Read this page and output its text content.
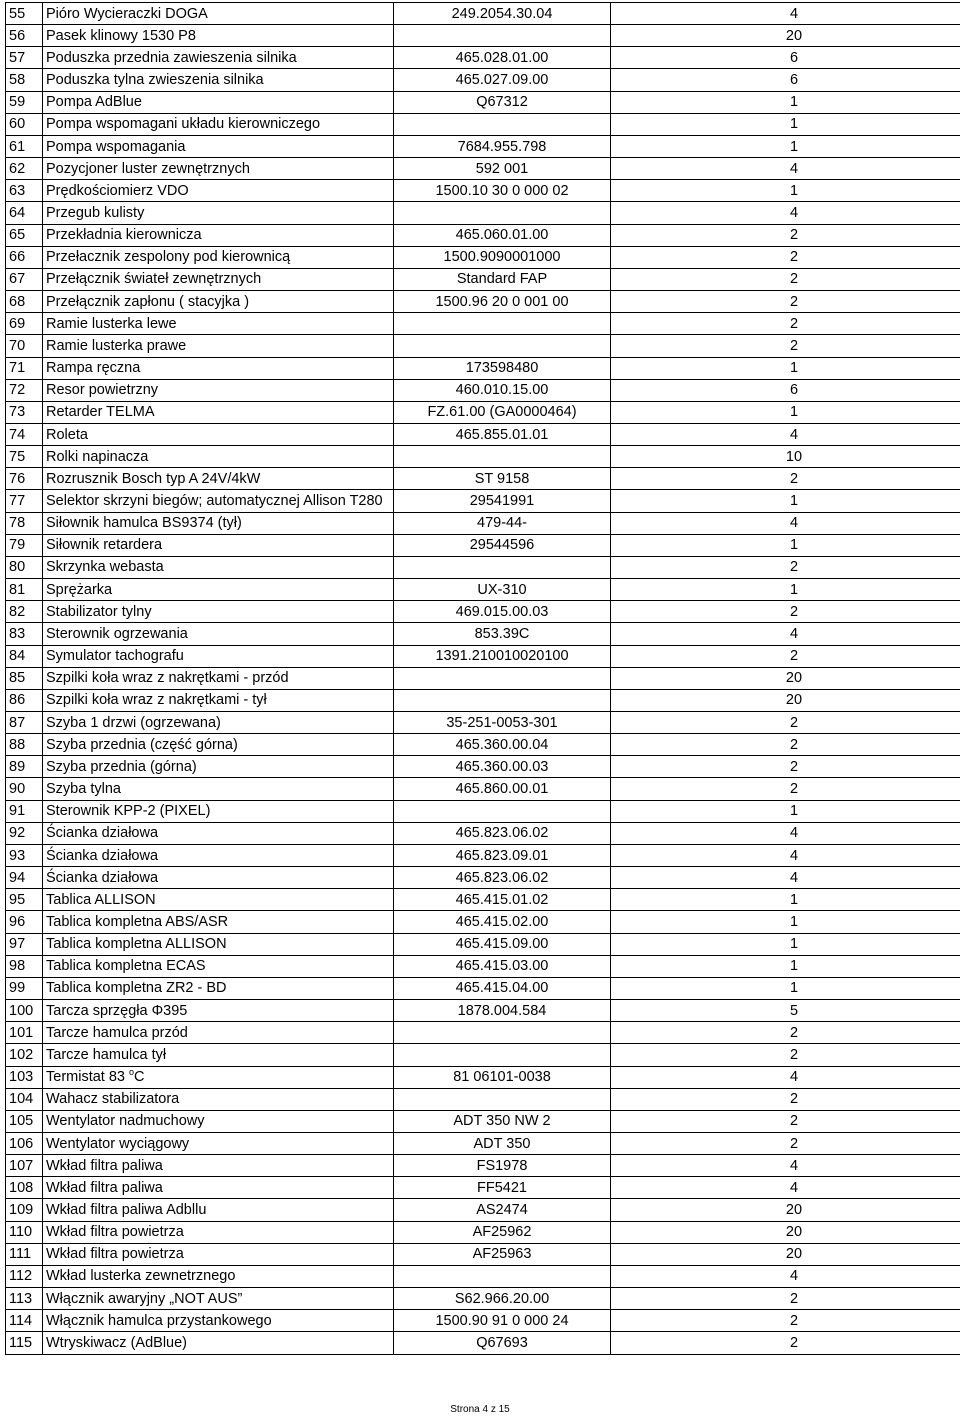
55	Pióro Wycieraczki DOGA	249.2054.30.04	4
56	Pasek klinowy 1530 P8		20
57	Poduszka przednia zawieszenia silnika	465.028.01.00	6
58	Poduszka tylna zwieszenia silnika	465.027.09.00	6
59	Pompa AdBlue	Q67312	1
60	Pompa wspomagani układu kierowniczego		1
61	Pompa wspomagania	7684.955.798	1
62	Pozycjoner luster zewnętrznych	592 001	4
63	Prędkościomierz VDO	1500.10 30 0 000 02	1
64	Przegub kulisty		4
65	Przekładnia kierownicza	465.060.01.00	2
66	Przełacznik zespolony pod kierownicą	1500.9090001000	2
67	Przełącznik świateł zewnętrznych	Standard FAP	2
68	Przełącznik zapłonu ( stacyjka )	1500.96 20 0 001 00	2
69	Ramie lusterka lewe		2
70	Ramie lusterka prawe		2
71	Rampa ręczna	173598480	1
72	Resor powietrzny	460.010.15.00	6
73	Retarder TELMA	FZ.61.00 (GA0000464)	1
74	Roleta	465.855.01.01	4
75	Rolki napinacza		10
76	Rozrusznik Bosch typ A 24V/4kW	ST 9158	2
77	Selektor skrzyni biegów; automatycznej Allison T280	29541991	1
78	Siłownik hamulca BS9374 (tył)	479-44-	4
79	Siłownik retardera	29544596	1
80	Skrzynka webasta		2
81	Sprężarka	UX-310	1
82	Stabilizator tylny	469.015.00.03	2
83	Sterownik ogrzewania	853.39C	4
84	Symulator tachografu	1391.210010020100	2
85	Szpilki koła wraz z nakrętkami - przód		20
86	Szpilki koła wraz z nakrętkami - tył		20
87	Szyba 1 drzwi (ogrzewana)	35-251-0053-301	2
88	Szyba przednia (część górna)	465.360.00.04	2
89	Szyba przednia (górna)	465.360.00.03	2
90	Szyba tylna	465.860.00.01	2
91	Sterownik KPP-2 (PIXEL)		1
92	Ścianka działowa	465.823.06.02	4
93	Ścianka działowa	465.823.09.01	4
94	Ścianka działowa	465.823.06.02	4
95	Tablica ALLISON	465.415.01.02	1
96	Tablica kompletna ABS/ASR	465.415.02.00	1
97	Tablica kompletna ALLISON	465.415.09.00	1
98	Tablica kompletna ECAS	465.415.03.00	1
99	Tablica kompletna ZR2 - BD	465.415.04.00	1
100	Tarcza sprzęgła Φ395	1878.004.584	5
101	Tarcze hamulca przód		2
102	Tarcze hamulca tył		2
103	Termistat 83 $^o$C	81 06101-0038	4
104	Wahacz stabilizatora		2
105	Wentylator nadmuchowy	ADT 350 NW 2	2
106	Wentylator wyciągowy	ADT 350	2
107	Wkład filtra paliwa	FS1978	4
108	Wkład filtra paliwa	FF5421	4
109	Wkład filtra paliwa Adbllu	AS2474	20
110	Wkład filtra powietrza	AF25962	20
111	Wkład filtra powietrza	AF25963	20
112	Wkład lusterka zewnetrznego		4
113	Włącznik awaryjny „NOT AUS”	S62.966.20.00	2
114	Włącznik hamulca przystankowego	1500.90 91 0 000 24	2
115	Wtryskiwacz (AdBlue)	Q67693	2
Strona 4 z 15
